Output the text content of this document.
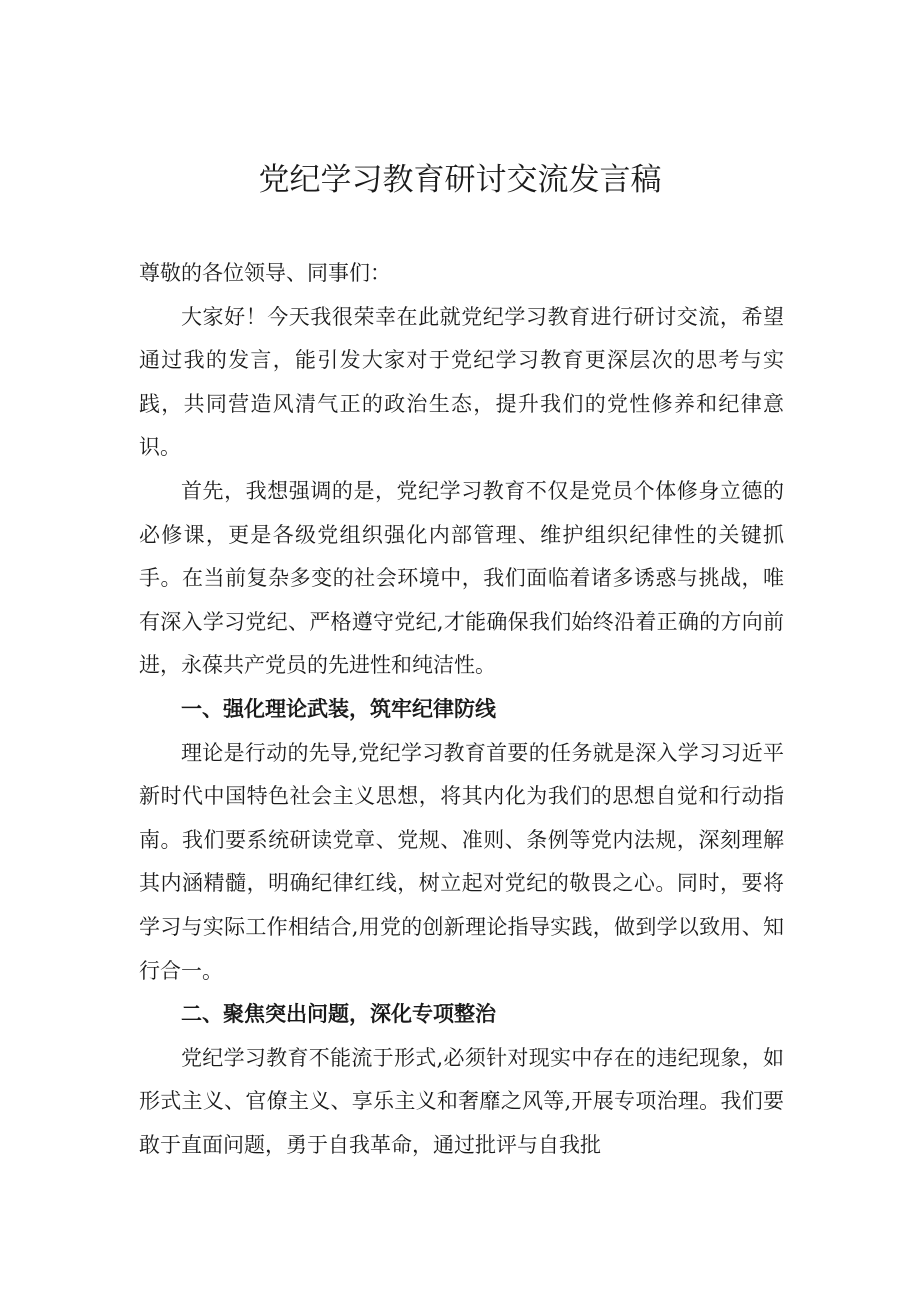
党纪学习教育研讨交流发言稿

尊敬的各位领导、同事们：

大家好！今天我很荣幸在此就党纪学习教育进行研讨交流，希望通过我的发言，能引发大家对于党纪学习教育更深层次的思考与实践，共同营造风清气正的政治生态，提升我们的党性修养和纪律意识。

首先，我想强调的是，党纪学习教育不仅是党员个体修身立德的必修课，更是各级党组织强化内部管理、维护组织纪律性的关键抓手。在当前复杂多变的社会环境中，我们面临着诸多诱惑与挑战，唯有深入学习党纪、严格遵守党纪,才能确保我们始终沿着正确的方向前进，永葆共产党员的先进性和纯洁性。

一、强化理论武装，筑牢纪律防线

理论是行动的先导,党纪学习教育首要的任务就是深入学习习近平新时代中国特色社会主义思想，将其内化为我们的思想自觉和行动指南。我们要系统研读党章、党规、准则、条例等党内法规，深刻理解其内涵精髓，明确纪律红线，树立起对党纪的敬畏之心。同时，要将学习与实际工作相结合,用党的创新理论指导实践，做到学以致用、知行合一。

二、聚焦突出问题，深化专项整治

党纪学习教育不能流于形式,必须针对现实中存在的违纪现象，如形式主义、官僚主义、享乐主义和奢靡之风等,开展专项治理。我们要敢于直面问题，勇于自我革命，通过批评与自我批
